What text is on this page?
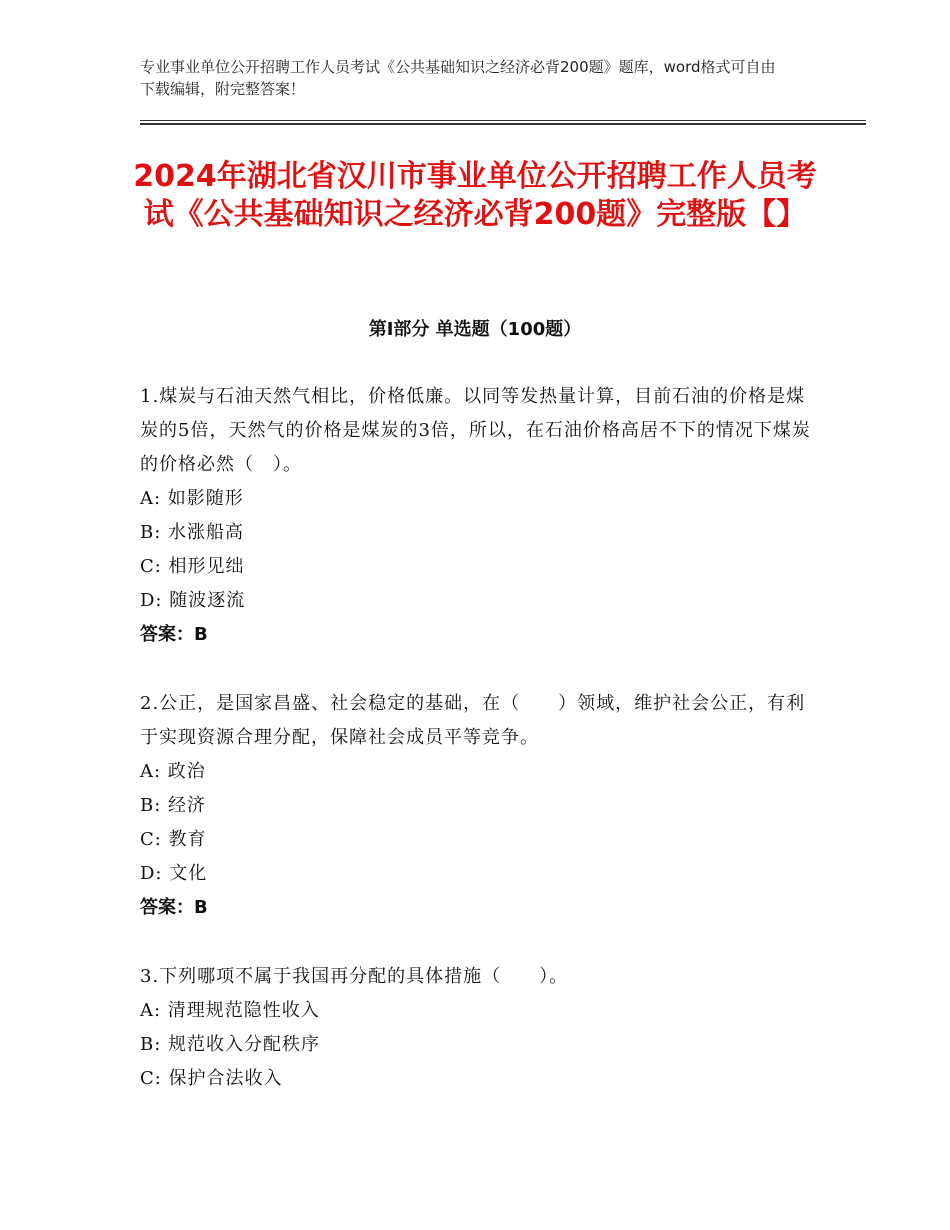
专业事业单位公开招聘工作人员考试《公共基础知识之经济必背200题》题库，word格式可自由下载编辑，附完整答案！
2024年湖北省汉川市事业单位公开招聘工作人员考试《公共基础知识之经济必背200题》完整版【】
第I部分 单选题（100题）
1.煤炭与石油天然气相比，价格低廉。以同等发热量计算，目前石油的价格是煤炭的5倍，天然气的价格是煤炭的3倍，所以，在石油价格高居不下的情况下煤炭的价格必然（　）。
A: 如影随形
B: 水涨船高
C: 相形见绌
D: 随波逐流
答案：B
2.公正，是国家昌盛、社会稳定的基础，在（　　）领域，维护社会公正，有利于实现资源合理分配，保障社会成员平等竞争。
A: 政治
B: 经济
C: 教育
D: 文化
答案：B
3.下列哪项不属于我国再分配的具体措施（　　）。
A: 清理规范隐性收入
B: 规范收入分配秩序
C: 保护合法收入
